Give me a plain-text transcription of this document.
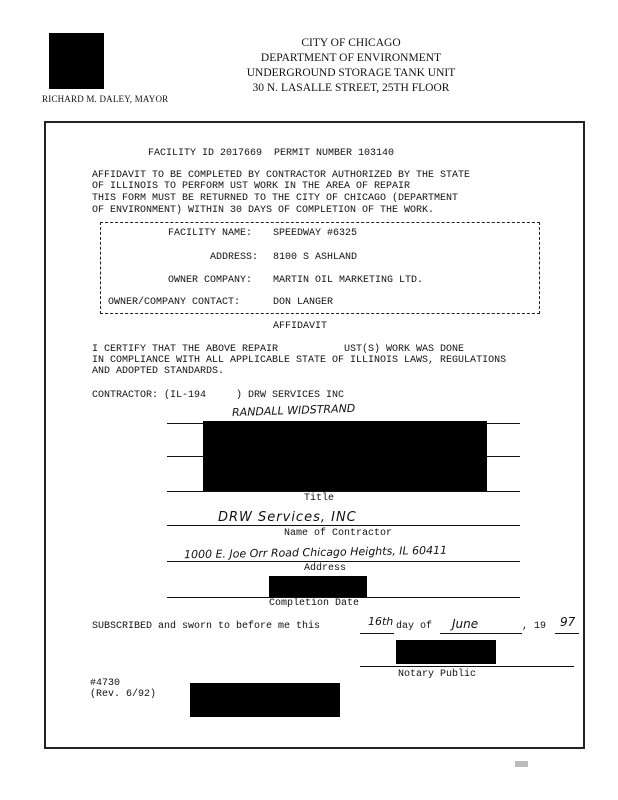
RICHARD M. DALEY, MAYOR
CITY OF CHICAGO
DEPARTMENT OF ENVIRONMENT
UNDERGROUND STORAGE TANK UNIT
30 N. LASALLE STREET, 25TH FLOOR
FACILITY ID 2017669  PERMIT NUMBER 103140
AFFIDAVIT TO BE COMPLETED BY CONTRACTOR AUTHORIZED BY THE STATE
OF ILLINOIS TO PERFORM UST WORK IN THE AREA OF REPAIR
THIS FORM MUST BE RETURNED TO THE CITY OF CHICAGO (DEPARTMENT
OF ENVIRONMENT) WITHIN 30 DAYS OF COMPLETION OF THE WORK.
FACILITY NAME: SPEEDWAY #6325
ADDRESS: 8100 S ASHLAND
OWNER COMPANY: MARTIN OIL MARKETING LTD.
OWNER/COMPANY CONTACT:	DON LANGER
AFFIDAVIT
I CERTIFY THAT THE ABOVE REPAIR           UST(S) WORK WAS DONE
IN COMPLIANCE WITH ALL APPLICABLE STATE OF ILLINOIS LAWS, REGULATIONS
AND ADOPTED STANDARDS.
CONTRACTOR: (IL-194     ) DRW SERVICES INC
RANDALL WIDSTRAND
Title
DRW Services, INC
Name of Contractor
1000 E. Joe Orr Road Chicago Heights, IL 60411
Address
Completion Date
SUBSCRIBED and sworn to before me this	16th day of June	, 19 97
Notary Public
#4730
(Rev. 6/92)
